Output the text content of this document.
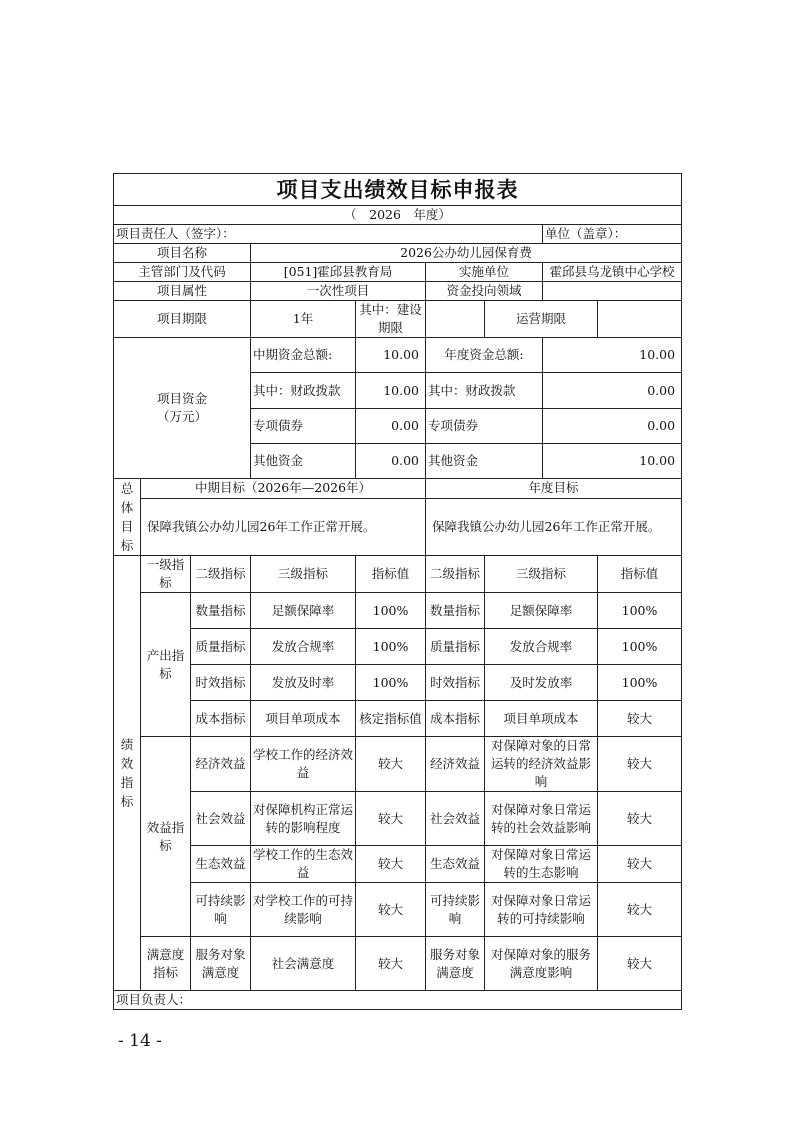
项目支出绩效目标申报表								
（　2026　年度）								
项目责任人（签字）：							单位（盖章）：	
项目名称			2026公办幼儿园保育费					
主管部门及代码			[051]霍邱县教育局		实施单位		霍邱县乌龙镇中心学校	
项目属性			一次性项目		资金投向领域			
项目期限			1年	其中：建设期限		运营期限		
项目资金（万元）			中期资金总额:	10.00	年度资金总额:		10.00	
			其中：财政拨款	10.00	其中：财政拨款		0.00	
			专项债券	0.00	专项债券		0.00	
			其他资金	0.00	其他资金		10.00	
总体目标	中期目标（2026年—2026年）				年度目标			
	保障我镇公办幼儿园26年工作正常开展。				保障我镇公办幼儿园26年工作正常开展。			
绩效指标	一级指标	二级指标	三级指标	指标值	二级指标	三级指标		指标值
	产出指标	数量指标	足额保障率	100%	数量指标	足额保障率		100%
		质量指标	发放合规率	100%	质量指标	发放合规率		100%
		时效指标	发放及时率	100%	时效指标	及时发放率		100%
		成本指标	项目单项成本	核定指标值	成本指标	项目单项成本		较大
	效益指标	经济效益	学校工作的经济效益	较大	经济效益	对保障对象的日常运转的经济效益影响		较大
		社会效益	对保障机构正常运转的影响程度	较大	社会效益	对保障对象日常运转的社会效益影响		较大
		生态效益	学校工作的生态效益	较大	生态效益	对保障对象日常运转的生态影响		较大
		可持续影响	对学校工作的可持续影响	较大	可持续影响	对保障对象日常运转的可持续影响		较大
	满意度指标	服务对象满意度	社会满意度	较大	服务对象满意度	对保障对象的服务满意度影响		较大
项目负责人：								
- 14 -
